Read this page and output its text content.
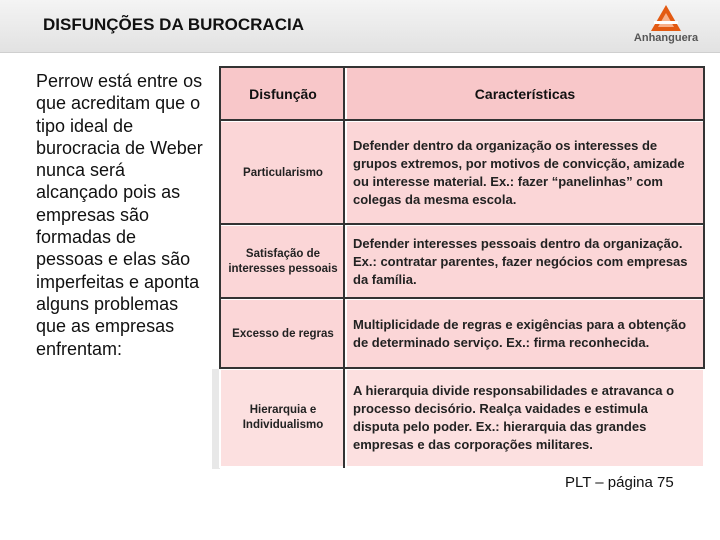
DISFUNÇÕES DA BUROCRACIA
Anhanguera
Perrow está entre os que acreditam que o tipo ideal de burocracia de Weber nunca será alcançado pois as empresas são formadas de pessoas e elas são imperfeitas e aponta alguns problemas que as empresas enfrentam:
Disfunção	Características
Particularismo	Defender dentro da organização os interesses de grupos extremos, por motivos de convicção, amizade ou interesse material. Ex.: fazer “panelinhas” com colegas da mesma escola.
Satisfação de interesses pessoais	Defender interesses pessoais dentro da organização. Ex.: contratar parentes, fazer negócios com empresas da família.
Excesso de regras	Multiplicidade de regras e exigências para a obtenção de determinado serviço. Ex.: firma reconhecida.
Hierarquia e Individualismo	A hierarquia divide responsabilidades e atravanca o processo decisório. Realça vaidades e estimula disputa pelo poder. Ex.: hierarquia das grandes empresas e das corporações militares.
PLT – página 75
